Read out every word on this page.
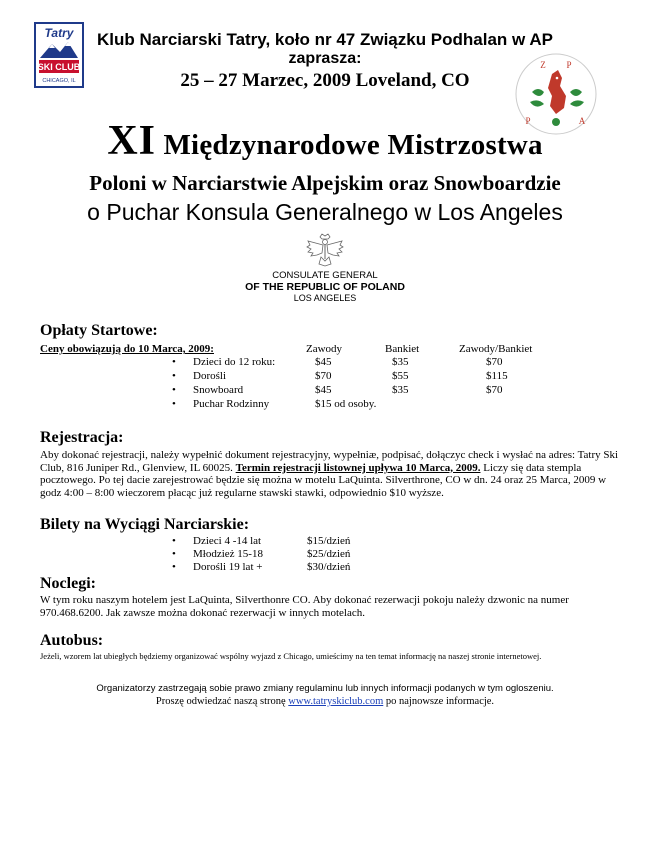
Tatry
SKI CLUB
CHICAGO, IL
Z P
P	A
Klub Narciarski Tatry, koło nr 47 Związku Podhalan w AP
zaprasza:
25 – 27 Marzec, 2009 Loveland, CO
XI Międzynarodowe Mistrzostwa
Poloni w Narciarstwie Alpejskim oraz Snowboardzie
o Puchar Konsula Generalnego w Los Angeles
CONSULATE GENERAL
OF THE REPUBLIC OF POLAND
LOS ANGELES
Opłaty Startowe:
Ceny obowiązują do 10 Marca, 2009:	Zawody	Bankiet	Zawody/Bankiet
• Dzieci do 12 roku:	$45	$35	$70
• Dorośli	$70	$55	$115
• Snowboard	$45	$35	$70
• Puchar Rodzinny	$15 od osoby.
Rejestracja:
Aby dokonać rejestracji, należy wypełnić dokument rejestracyjny, wypełniæ, podpisać, dołączyc check i wysłać na adres: Tatry Ski Club, 816 Juniper Rd., Glenview, IL 60025. Termin rejestracji listownej upływa 10 Marca, 2009. Liczy się data stempla pocztowego. Po tej dacie zarejestrować będzie się można w motelu LaQuinta. Silverthrone, CO w dn. 24 oraz 25 Marca, 2009 w godz 4:00 – 8:00 wieczorem płacąc już regularne stawski stawki, odpowiednio $10 wyższe.
Bilety na Wyciągi Narciarskie:
• Dzieci 4 -14 lat	$15/dzień
• Młodzież 15-18	$25/dzień
• Dorośli 19 lat +	$30/dzień
Noclegi:
W tym roku naszym hotelem jest LaQuinta, Silverthonre CO. Aby dokonać rezerwacji pokoju należy dzwonic na numer 970.468.6200. Jak zawsze można dokonać rezerwacji w innych motelach.
Autobus:
Jeżeli, wzorem lat ubiegłych będziemy organizować wspólny wyjazd z Chicago, umieścimy na ten temat informację na naszej stronie internetowej.
Organizatorzy zastrzegają sobie prawo zmiany regulaminu lub innych informacji podanych w tym ogloszeniu.
Proszę odwiedzać naszą stronę www.tatryskiclub.com po najnowsze informacje.
